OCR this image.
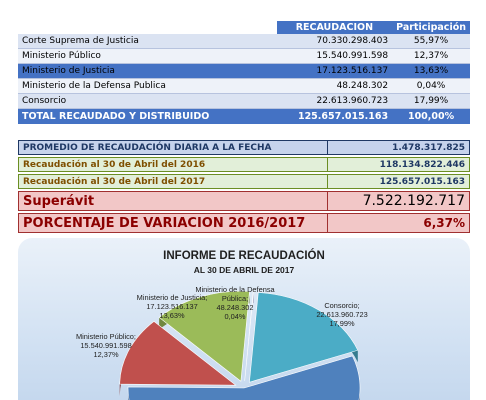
	RECAUDACION	Participación
Corte Suprema de Justicia	70.330.298.403	55,97%
Ministerio Público	15.540.991.598	12,37%
Ministerio de Justicia	17.123.516.137	13,63%
Ministerio de la Defensa Publica	48.248.302	0,04%
Consorcio	22.613.960.723	17,99%
TOTAL RECAUDADO Y DISTRIBUIDO	125.657.015.163	100,00%
PROMEDIO DE RECAUDACIÓN DIARIA A LA FECHA	1.478.317.825
Recaudación al 30 de Abril del 2016	118.134.822.446
Recaudación al 30 de Abril del 2017	125.657.015.163
Superávit	7.522.192.717
PORCENTAJE DE VARIACION 2016/2017	6,37%
INFORME DE RECAUDACIÓN
AL 30 DE ABRIL DE 2017
Ministerio Público;
15.540.991.598
12,37%
Ministerio de Justicia;
17.123.516.137
13,63%
Ministerio de la Defensa Pública;
48.248.302
0,04%
Consorcio;
22.613.960.723
17,99%
